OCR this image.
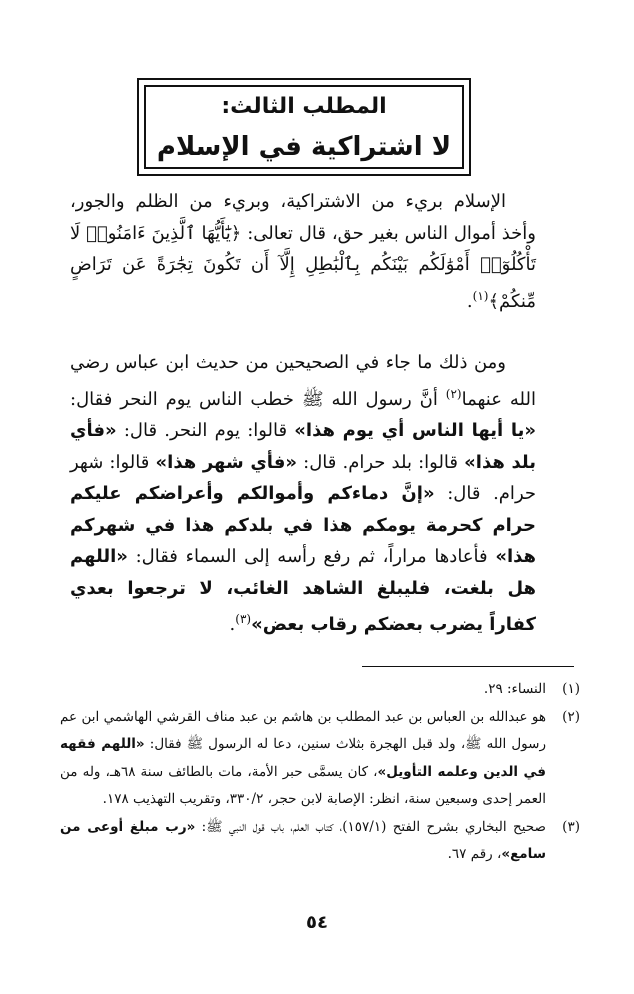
المطلب الثالث:
لا اشتراكية في الإسلام

الإسلام بريء من الاشتراكية، وبريء من الظلم والجور، وأخذ أموال الناس بغير حق، قال تعالى: ﴿يَٰٓأَيُّهَا ٱلَّذِينَ ءَامَنُوا۟ لَا تَأْكُلُوٓا۟ أَمْوَٰلَكُم بَيْنَكُم بِٱلْبَٰطِلِ إِلَّآ أَن تَكُونَ تِجَٰرَةً عَن تَرَاضٍ مِّنكُمْ﴾$^{(١)}$.

ومن ذلك ما جاء في الصحيحين من حديث ابن عباس رضي الله عنهما$^{(٢)}$ أنَّ رسول الله ﷺ خطب الناس يوم النحر فقال: «يا أيها الناس أي يوم هذا» قالوا: يوم النحر. قال: «فأي بلد هذا» قالوا: بلد حرام. قال: «فأي شهر هذا» قالوا: شهر حرام. قال: «إنَّ دماءكم وأموالكم وأعراضكم عليكم حرام كحرمة يومكم هذا في بلدكم هذا في شهركم هذا» فأعادها مراراً، ثم رفع رأسه إلى السماء فقال: «اللهم هل بلغت، فليبلغ الشاهد الغائب، لا ترجعوا بعدي كفاراً يضرب بعضكم رقاب بعض»$^{(٣)}$.

(١)
النساء: ٢٩.
(٢)
هو عبدالله بن العباس بن عبد المطلب بن هاشم بن عبد مناف القرشي الهاشمي ابن عم رسول الله ﷺ، ولد قبل الهجرة بثلاث سنين، دعا له الرسول ﷺ فقال: «اللهم فقهه في الدين وعلمه التأويل»، كان يسمَّى حبر الأمة، مات بالطائف سنة ٦٨هـ، وله من العمر إحدى وسبعين سنة، انظر: الإصابة لابن حجر، ٣٣٠/٢، وتقريب التهذيب ١٧٨.
(٣)
صحيح البخاري بشرح الفتح (١٥٧/١)، كتاب العلم، باب قول النبي ﷺ: «رب مبلغ أوعى من سامع»، رقم ٦٧.
٥٤
